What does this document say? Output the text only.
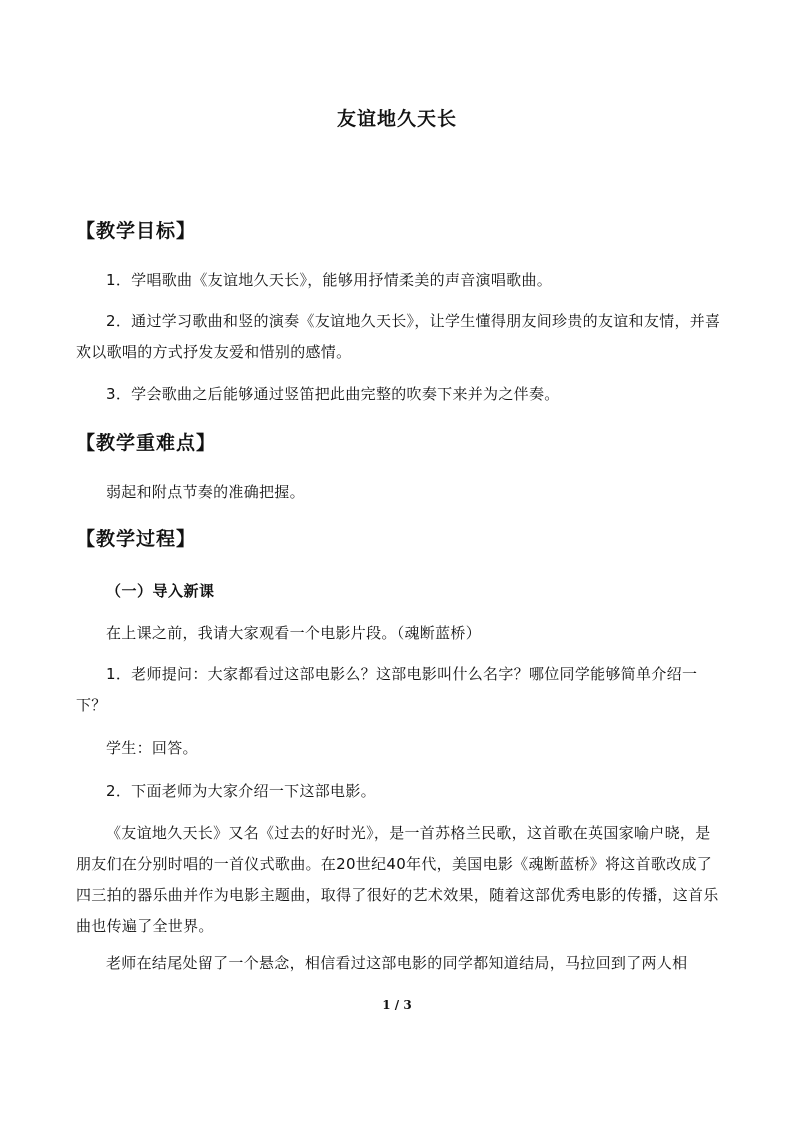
友谊地久天长
【教学目标】

1．学唱歌曲《友谊地久天长》，能够用抒情柔美的声音演唱歌曲。

2．通过学习歌曲和竖的演奏《友谊地久天长》，让学生懂得朋友间珍贵的友谊和友情，并喜欢以歌唱的方式抒发友爱和惜别的感情。

3．学会歌曲之后能够通过竖笛把此曲完整的吹奏下来并为之伴奏。

【教学重难点】

弱起和附点节奏的准确把握。

【教学过程】
（一）导入新课

在上课之前，我请大家观看一个电影片段。（魂断蓝桥）

1．老师提问：大家都看过这部电影么？这部电影叫什么名字？哪位同学能够简单介绍一下？

学生：回答。

2．下面老师为大家介绍一下这部电影。

《友谊地久天长》又名《过去的好时光》，是一首苏格兰民歌，这首歌在英国家喻户晓，是朋友们在分别时唱的一首仪式歌曲。在20世纪40年代，美国电影《魂断蓝桥》将这首歌改成了四三拍的器乐曲并作为电影主题曲，取得了很好的艺术效果，随着这部优秀电影的传播，这首乐曲也传遍了全世界。

老师在结尾处留了一个悬念，相信看过这部电影的同学都知道结局，马拉回到了两人相

1 / 3
